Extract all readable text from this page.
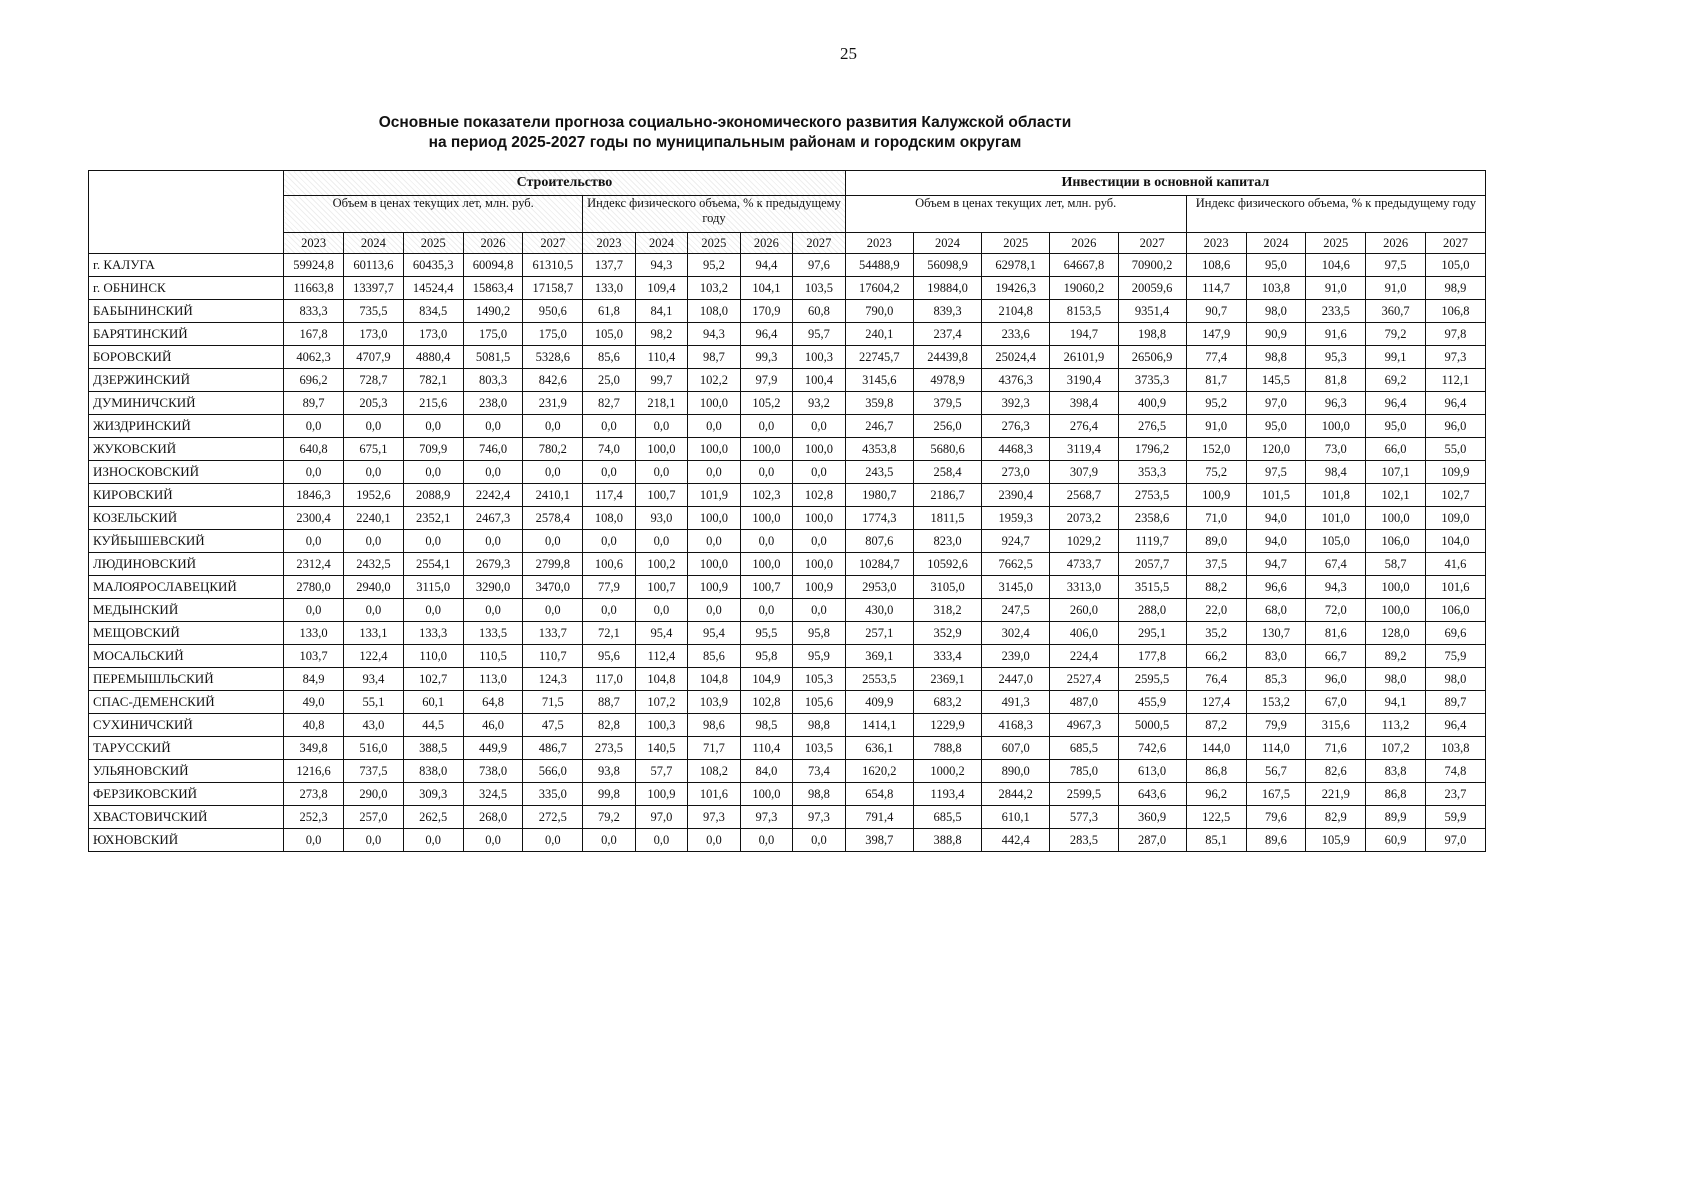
25
Основные показатели прогноза социально-экономического развития Калужской области
на период 2025-2027 годы по муниципальным районам и городским округам
	Строительство										Инвестиции в основной капитал									
	Объем в ценах текущих лет, млн. руб.					Индекс физического объема, % к предыдущему году					Объем в ценах текущих лет, млн. руб.					Индекс физического объема, % к предыдущему году				
	2023	2024	2025	2026	2027	2023	2024	2025	2026	2027	2023	2024	2025	2026	2027	2023	2024	2025	2026	2027
г. КАЛУГА	59924,8	60113,6	60435,3	60094,8	61310,5	137,7	94,3	95,2	94,4	97,6	54488,9	56098,9	62978,1	64667,8	70900,2	108,6	95,0	104,6	97,5	105,0
г. ОБНИНСК	11663,8	13397,7	14524,4	15863,4	17158,7	133,0	109,4	103,2	104,1	103,5	17604,2	19884,0	19426,3	19060,2	20059,6	114,7	103,8	91,0	91,0	98,9
БАБЫНИНСКИЙ	833,3	735,5	834,5	1490,2	950,6	61,8	84,1	108,0	170,9	60,8	790,0	839,3	2104,8	8153,5	9351,4	90,7	98,0	233,5	360,7	106,8
БАРЯТИНСКИЙ	167,8	173,0	173,0	175,0	175,0	105,0	98,2	94,3	96,4	95,7	240,1	237,4	233,6	194,7	198,8	147,9	90,9	91,6	79,2	97,8
БОРОВСКИЙ	4062,3	4707,9	4880,4	5081,5	5328,6	85,6	110,4	98,7	99,3	100,3	22745,7	24439,8	25024,4	26101,9	26506,9	77,4	98,8	95,3	99,1	97,3
ДЗЕРЖИНСКИЙ	696,2	728,7	782,1	803,3	842,6	25,0	99,7	102,2	97,9	100,4	3145,6	4978,9	4376,3	3190,4	3735,3	81,7	145,5	81,8	69,2	112,1
ДУМИНИЧСКИЙ	89,7	205,3	215,6	238,0	231,9	82,7	218,1	100,0	105,2	93,2	359,8	379,5	392,3	398,4	400,9	95,2	97,0	96,3	96,4	96,4
ЖИЗДРИНСКИЙ	0,0	0,0	0,0	0,0	0,0	0,0	0,0	0,0	0,0	0,0	246,7	256,0	276,3	276,4	276,5	91,0	95,0	100,0	95,0	96,0
ЖУКОВСКИЙ	640,8	675,1	709,9	746,0	780,2	74,0	100,0	100,0	100,0	100,0	4353,8	5680,6	4468,3	3119,4	1796,2	152,0	120,0	73,0	66,0	55,0
ИЗНОСКОВСКИЙ	0,0	0,0	0,0	0,0	0,0	0,0	0,0	0,0	0,0	0,0	243,5	258,4	273,0	307,9	353,3	75,2	97,5	98,4	107,1	109,9
КИРОВСКИЙ	1846,3	1952,6	2088,9	2242,4	2410,1	117,4	100,7	101,9	102,3	102,8	1980,7	2186,7	2390,4	2568,7	2753,5	100,9	101,5	101,8	102,1	102,7
КОЗЕЛЬСКИЙ	2300,4	2240,1	2352,1	2467,3	2578,4	108,0	93,0	100,0	100,0	100,0	1774,3	1811,5	1959,3	2073,2	2358,6	71,0	94,0	101,0	100,0	109,0
КУЙБЫШЕВСКИЙ	0,0	0,0	0,0	0,0	0,0	0,0	0,0	0,0	0,0	0,0	807,6	823,0	924,7	1029,2	1119,7	89,0	94,0	105,0	106,0	104,0
ЛЮДИНОВСКИЙ	2312,4	2432,5	2554,1	2679,3	2799,8	100,6	100,2	100,0	100,0	100,0	10284,7	10592,6	7662,5	4733,7	2057,7	37,5	94,7	67,4	58,7	41,6
МАЛОЯРОСЛАВЕЦКИЙ	2780,0	2940,0	3115,0	3290,0	3470,0	77,9	100,7	100,9	100,7	100,9	2953,0	3105,0	3145,0	3313,0	3515,5	88,2	96,6	94,3	100,0	101,6
МЕДЫНСКИЙ	0,0	0,0	0,0	0,0	0,0	0,0	0,0	0,0	0,0	0,0	430,0	318,2	247,5	260,0	288,0	22,0	68,0	72,0	100,0	106,0
МЕЩОВСКИЙ	133,0	133,1	133,3	133,5	133,7	72,1	95,4	95,4	95,5	95,8	257,1	352,9	302,4	406,0	295,1	35,2	130,7	81,6	128,0	69,6
МОСАЛЬСКИЙ	103,7	122,4	110,0	110,5	110,7	95,6	112,4	85,6	95,8	95,9	369,1	333,4	239,0	224,4	177,8	66,2	83,0	66,7	89,2	75,9
ПЕРЕМЫШЛЬСКИЙ	84,9	93,4	102,7	113,0	124,3	117,0	104,8	104,8	104,9	105,3	2553,5	2369,1	2447,0	2527,4	2595,5	76,4	85,3	96,0	98,0	98,0
СПАС-ДЕМЕНСКИЙ	49,0	55,1	60,1	64,8	71,5	88,7	107,2	103,9	102,8	105,6	409,9	683,2	491,3	487,0	455,9	127,4	153,2	67,0	94,1	89,7
СУХИНИЧСКИЙ	40,8	43,0	44,5	46,0	47,5	82,8	100,3	98,6	98,5	98,8	1414,1	1229,9	4168,3	4967,3	5000,5	87,2	79,9	315,6	113,2	96,4
ТАРУССКИЙ	349,8	516,0	388,5	449,9	486,7	273,5	140,5	71,7	110,4	103,5	636,1	788,8	607,0	685,5	742,6	144,0	114,0	71,6	107,2	103,8
УЛЬЯНОВСКИЙ	1216,6	737,5	838,0	738,0	566,0	93,8	57,7	108,2	84,0	73,4	1620,2	1000,2	890,0	785,0	613,0	86,8	56,7	82,6	83,8	74,8
ФЕРЗИКОВСКИЙ	273,8	290,0	309,3	324,5	335,0	99,8	100,9	101,6	100,0	98,8	654,8	1193,4	2844,2	2599,5	643,6	96,2	167,5	221,9	86,8	23,7
ХВАСТОВИЧСКИЙ	252,3	257,0	262,5	268,0	272,5	79,2	97,0	97,3	97,3	97,3	791,4	685,5	610,1	577,3	360,9	122,5	79,6	82,9	89,9	59,9
ЮХНОВСКИЙ	0,0	0,0	0,0	0,0	0,0	0,0	0,0	0,0	0,0	0,0	398,7	388,8	442,4	283,5	287,0	85,1	89,6	105,9	60,9	97,0
